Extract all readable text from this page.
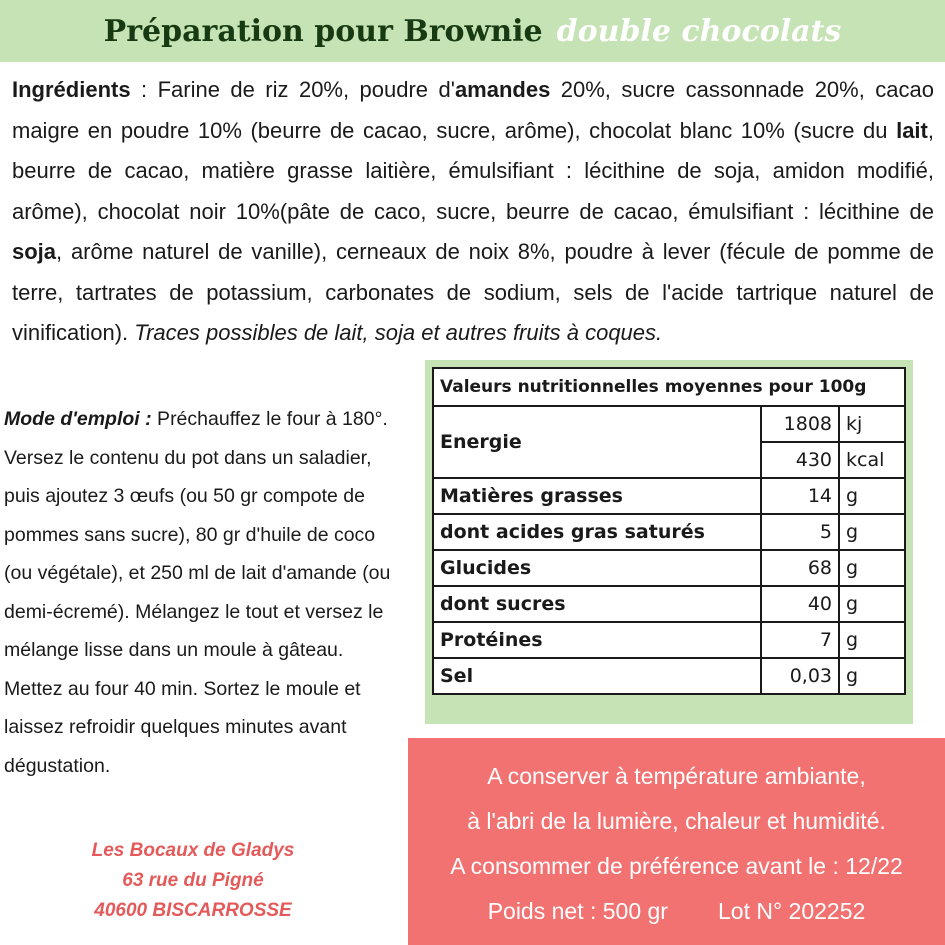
Préparation pour Brownie double chocolats
Ingrédients : Farine de riz 20%, poudre d'amandes 20%, sucre cassonnade 20%, cacao maigre en poudre 10% (beurre de cacao, sucre, arôme), chocolat blanc 10% (sucre du lait, beurre de cacao, matière grasse laitière, émulsifiant : lécithine de soja, amidon modifié, arôme), chocolat noir 10%(pâte de caco, sucre, beurre de cacao, émulsifiant : lécithine de soja, arôme naturel de vanille), cerneaux de noix 8%, poudre à lever (fécule de pomme de terre, tartrates de potassium, carbonates de sodium, sels de l'acide tartrique naturel de vinification). Traces possibles de lait, soja et autres fruits à coques.
Mode d'emploi : Préchauffez le four à 180°. Versez le contenu du pot dans un saladier, puis ajoutez 3 œufs (ou 50 gr compote de pommes sans sucre), 80 gr d'huile de coco (ou végétale), et 250 ml de lait d'amande (ou demi-écremé). Mélangez le tout et versez le mélange lisse dans un moule à gâteau. Mettez au four 40 min. Sortez le moule et laissez refroidir quelques minutes avant dégustation.
Les Bocaux de Gladys
63 rue du Pigné
40600 BISCARROSSE
Valeurs nutritionnelles moyennes pour 100g		
Energie	1808	kj
	430	kcal
Matières grasses	14	g
dont acides gras saturés	5	g
Glucides	68	g
dont sucres	40	g
Protéines	7	g
Sel	0,03	g
A conserver à température ambiante,
à l'abri de la lumière, chaleur et humidité.
A consommer de préférence avant le : 12/22
Poids net : 500 gr Lot N° 202252
